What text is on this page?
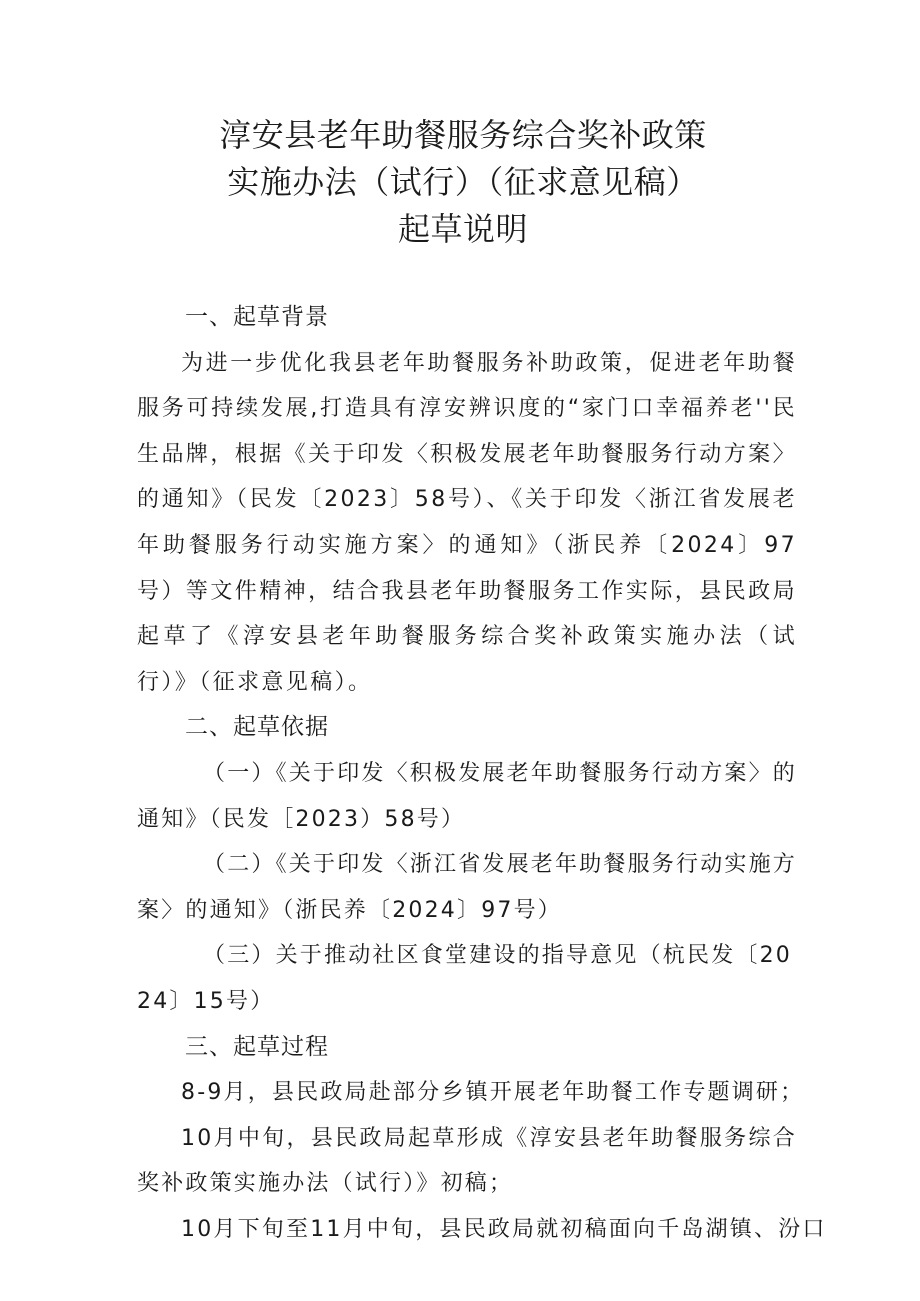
淳安县老年助餐服务综合奖补政策
实施办法（试行）（征求意见稿）
起草说明
一、起草背景
为进一步优化我县老年助餐服务补助政策，促进老年助餐服务可持续发展,打造具有淳安辨识度的“家门口幸福养老''民生品牌，根据《关于印发〈积极发展老年助餐服务行动方案〉的通知》（民发〔2023〕58号）、《关于印发〈浙江省发展老年助餐服务行动实施方案〉的通知》（浙民养〔2024〕97号）等文件精神，结合我县老年助餐服务工作实际，县民政局起草了《淳安县老年助餐服务综合奖补政策实施办法（试行）》（征求意见稿）。
二、起草依据
（一）《关于印发〈积极发展老年助餐服务行动方案〉的通知》（民发［2023）58号）
（二）《关于印发〈浙江省发展老年助餐服务行动实施方案〉的通知》（浙民养〔2024〕97号）
（三）关于推动社区食堂建设的指导意见（杭民发〔2024〕15号）
三、起草过程
8-9月，县民政局赴部分乡镇开展老年助餐工作专题调研；
10月中旬，县民政局起草形成《淳安县老年助餐服务综合奖补政策实施办法（试行）》初稿；
10月下旬至11月中旬，县民政局就初稿面向千岛湖镇、汾口
